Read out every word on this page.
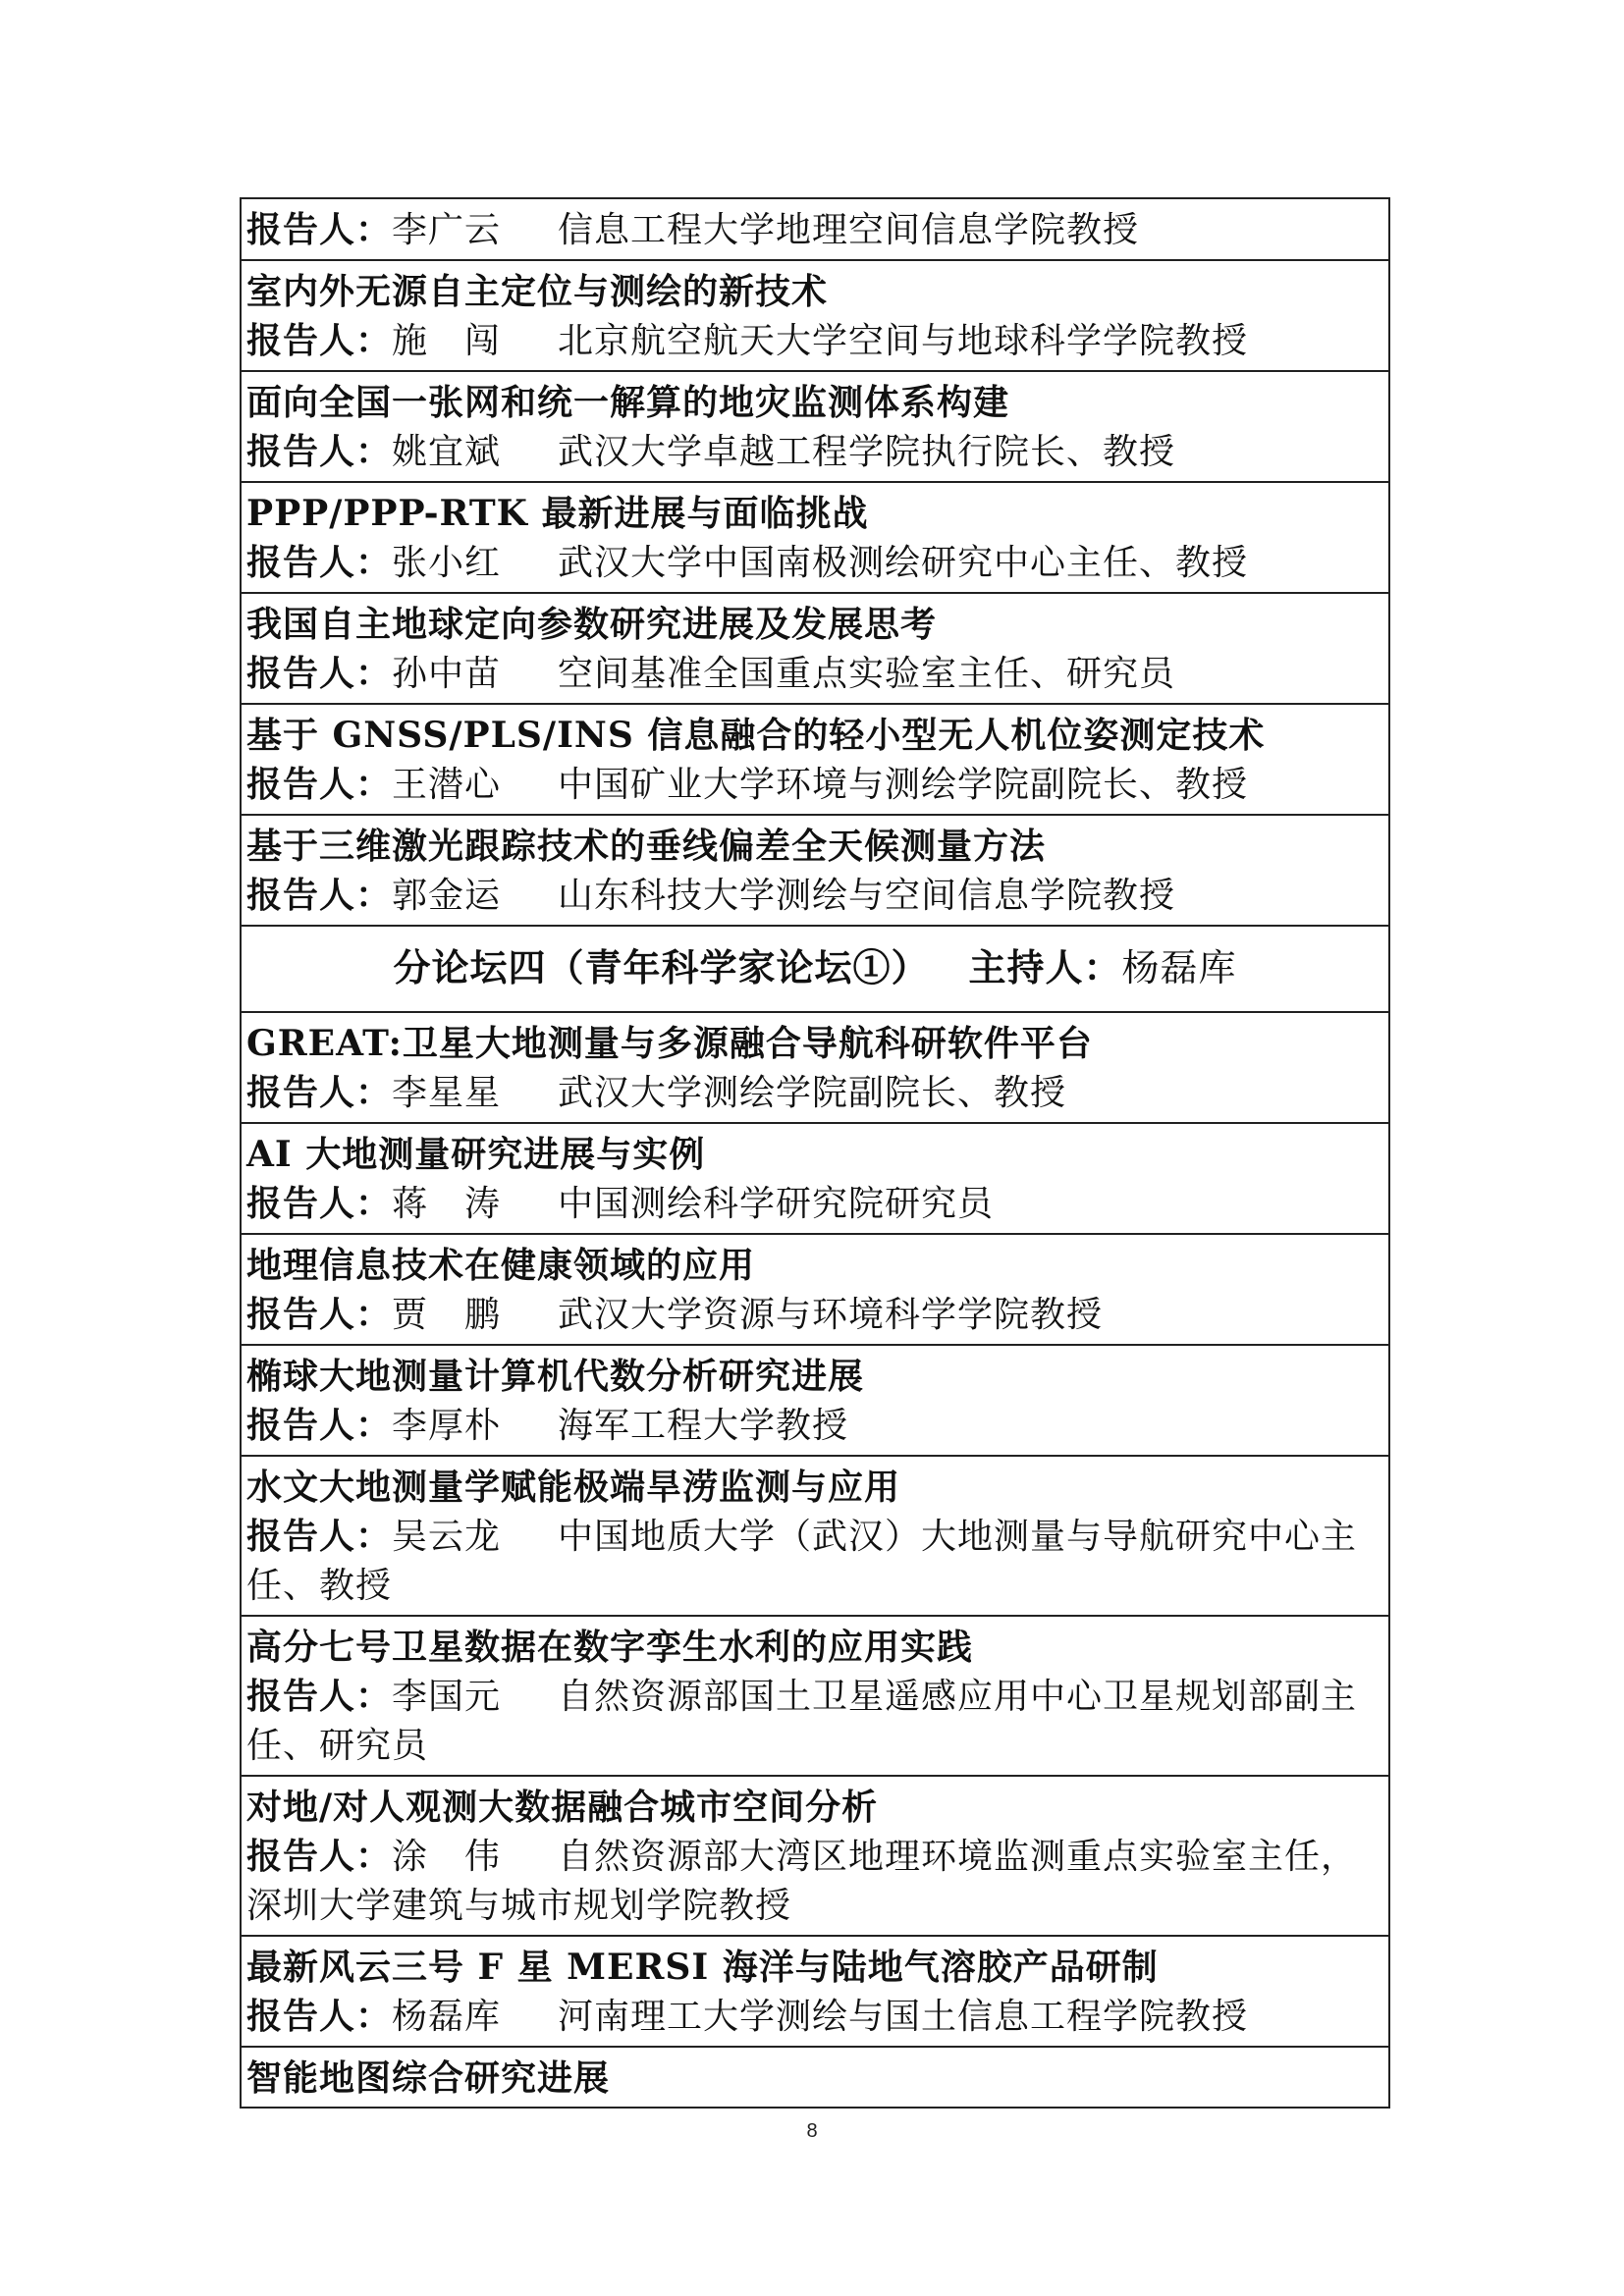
报告人：李广云　 信息工程大学地理空间信息学院教授
室内外无源自主定位与测绘的新技术
报告人：施　闯　 北京航空航天大学空间与地球科学学院教授
面向全国一张网和统一解算的地灾监测体系构建
报告人：姚宜斌　 武汉大学卓越工程学院执行院长、教授
PPP/PPP-RTK 最新进展与面临挑战
报告人：张小红　 武汉大学中国南极测绘研究中心主任、教授
我国自主地球定向参数研究进展及发展思考
报告人：孙中苗　 空间基准全国重点实验室主任、研究员
基于 GNSS/PLS/INS 信息融合的轻小型无人机位姿测定技术
报告人：王潜心　 中国矿业大学环境与测绘学院副院长、教授
基于三维激光跟踪技术的垂线偏差全天候测量方法
报告人：郭金运　 山东科技大学测绘与空间信息学院教授
分论坛四（青年科学家论坛①） 主持人：杨磊库
GREAT:卫星大地测量与多源融合导航科研软件平台
报告人：李星星　 武汉大学测绘学院副院长、教授
AI 大地测量研究进展与实例
报告人：蒋　涛　 中国测绘科学研究院研究员
地理信息技术在健康领域的应用
报告人：贾　鹏　 武汉大学资源与环境科学学院教授
椭球大地测量计算机代数分析研究进展
报告人：李厚朴　 海军工程大学教授
水文大地测量学赋能极端旱涝监测与应用
报告人：吴云龙　 中国地质大学（武汉）大地测量与导航研究中心主任、教授
高分七号卫星数据在数字孪生水利的应用实践
报告人：李国元　 自然资源部国土卫星遥感应用中心卫星规划部副主任、研究员
对地/对人观测大数据融合城市空间分析
报告人：涂　伟　 自然资源部大湾区地理环境监测重点实验室主任，深圳大学建筑与城市规划学院教授
最新风云三号 F 星 MERSI 海洋与陆地气溶胶产品研制
报告人：杨磊库　 河南理工大学测绘与国土信息工程学院教授
智能地图综合研究进展
8
